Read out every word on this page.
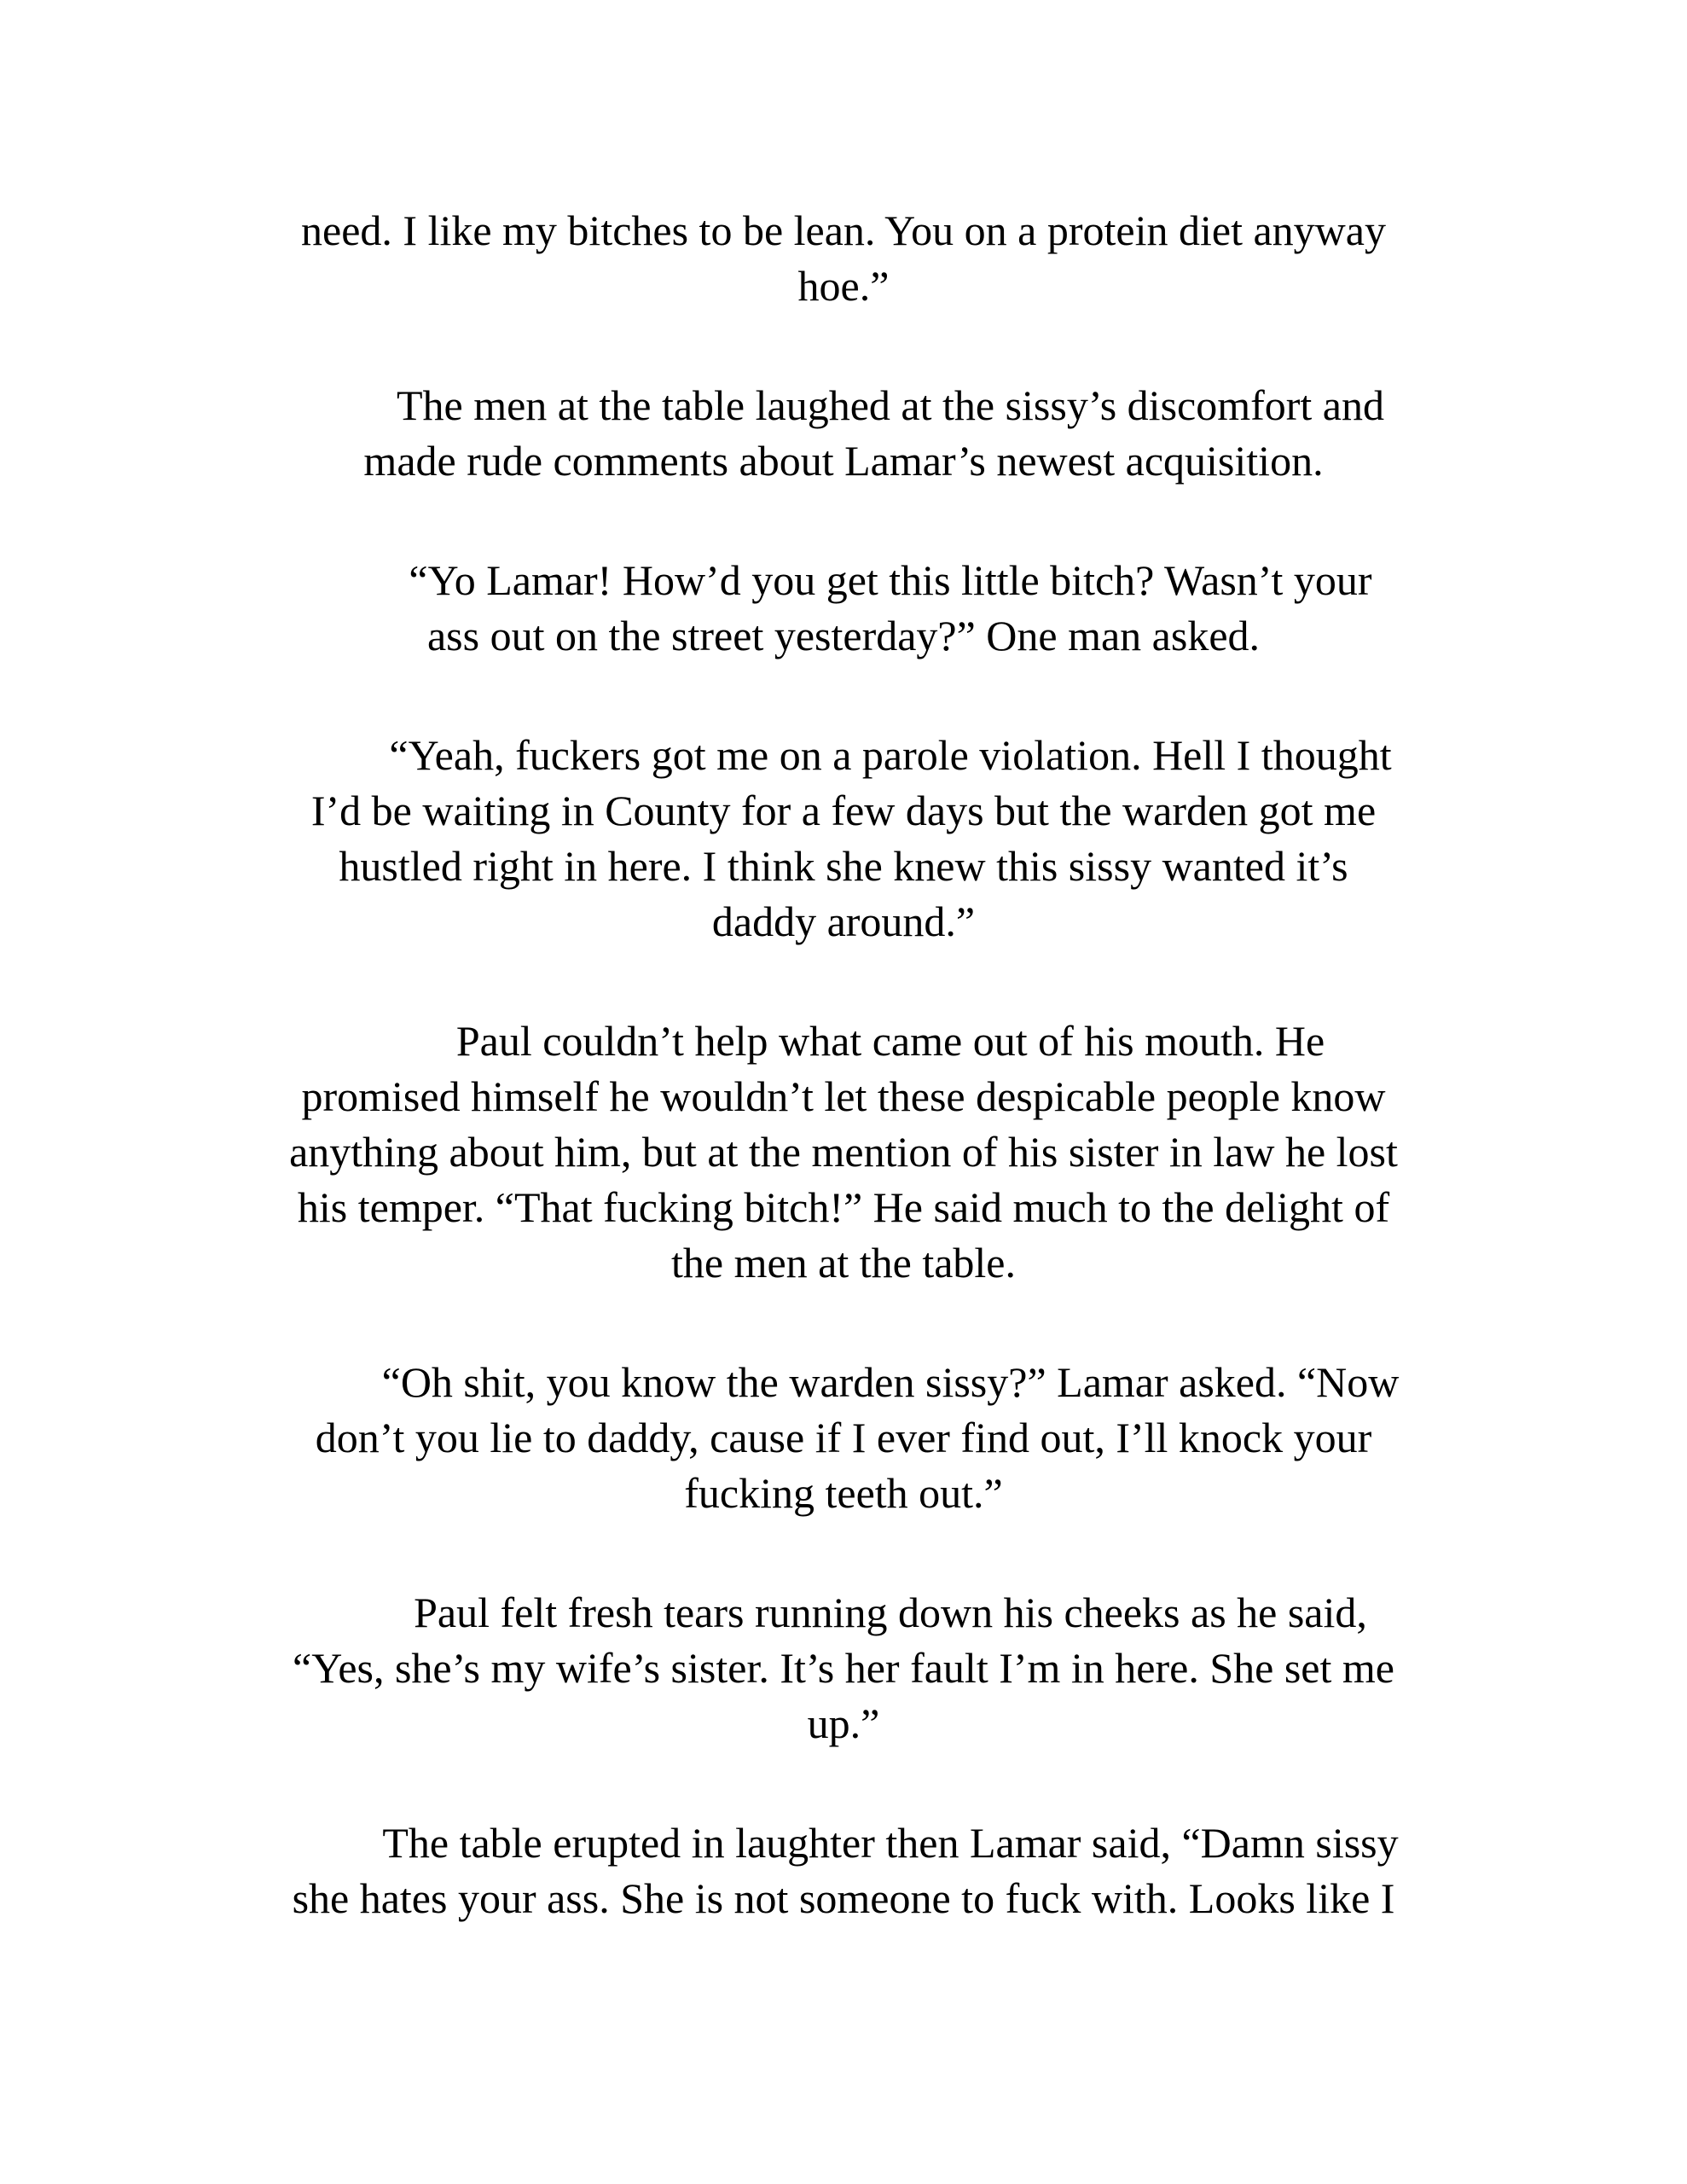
need. I like my bitches to be lean. You on a protein diet anyway
hoe.”

The men at the table laughed at the sissy’s discomfort and
made rude comments about Lamar’s newest acquisition.

“Yo Lamar! How’d you get this little bitch? Wasn’t your
ass out on the street yesterday?” One man asked.

“Yeah, fuckers got me on a parole violation. Hell I thought
I’d be waiting in County for a few days but the warden got me
hustled right in here. I think she knew this sissy wanted it’s
daddy around.”

Paul couldn’t help what came out of his mouth. He
promised himself he wouldn’t let these despicable people know
anything about him, but at the mention of his sister in law he lost
his temper. “That fucking bitch!” He said much to the delight of
the men at the table.

“Oh shit, you know the warden sissy?” Lamar asked. “Now
don’t you lie to daddy, cause if I ever find out, I’ll knock your
fucking teeth out.”

Paul felt fresh tears running down his cheeks as he said,
“Yes, she’s my wife’s sister. It’s her fault I’m in here. She set me
up.”

The table erupted in laughter then Lamar said, “Damn sissy
she hates your ass. She is not someone to fuck with. Looks like I
